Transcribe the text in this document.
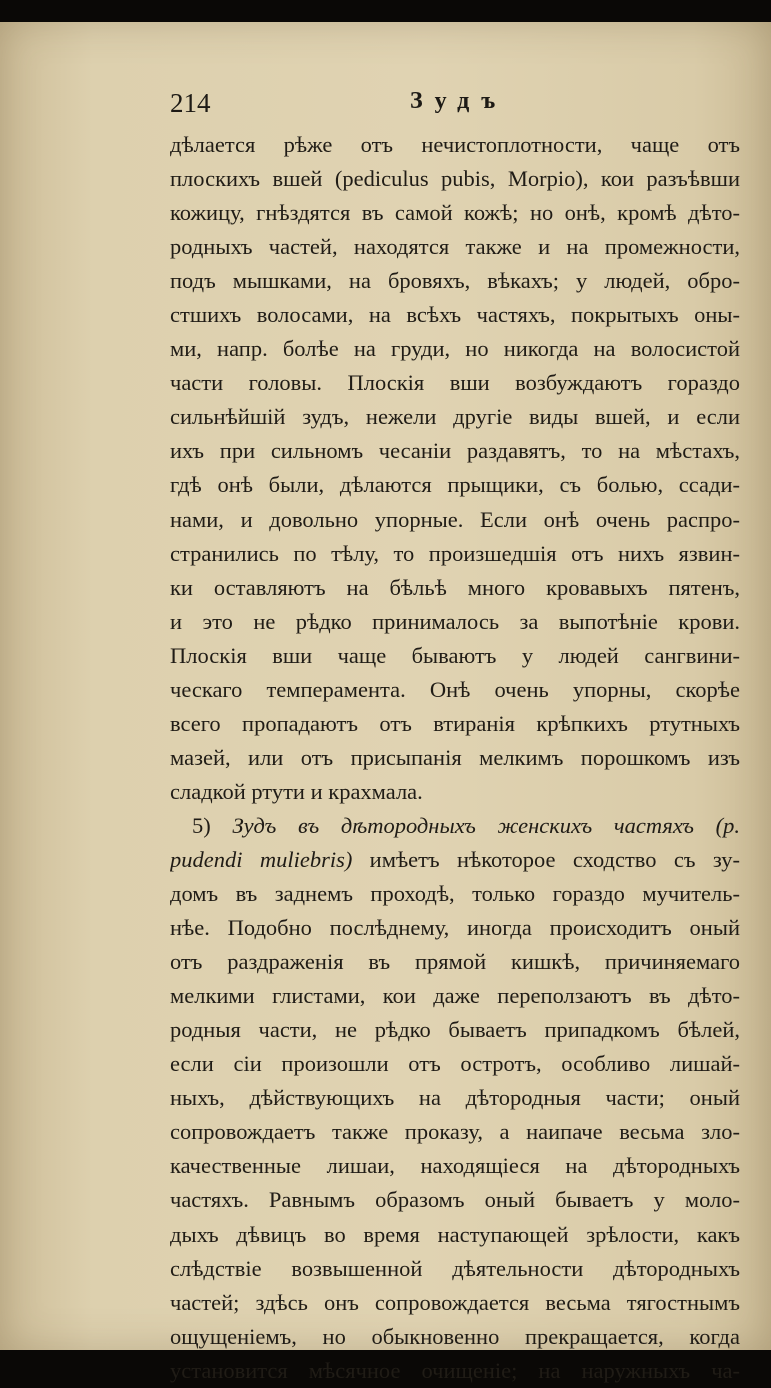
214	Зудъ
дѣлается рѣже отъ нечистоплотности, чаще отъ
плоскихъ вшей (pediculus pubis, Morpio), кои разъѣвши
кожицу, гнѣздятся въ самой кожѣ; но онѣ, кромѣ дѣто-
родныхъ частей, находятся также и на промежности,
подъ мышками, на бровяхъ, вѣкахъ; у людей, обро-
стшихъ волосами, на всѣхъ частяхъ, покрытыхъ оны-
ми, напр. болѣе на груди, но никогда на волосистой
части головы. Плоскія вши возбуждаютъ гораздо
сильнѣйшій зудъ, нежели другіе виды вшей, и если
ихъ при сильномъ чесаніи раздавятъ, то на мѣстахъ,
гдѣ онѣ были, дѣлаются прыщики, съ болью, ссади-
нами, и довольно упорные. Если онѣ очень распро-
странились по тѣлу, то произшедшія отъ нихъ язвин-
ки оставляютъ на бѣльѣ много кровавыхъ пятенъ,
и это не рѣдко принималось за выпотѣніе крови.
Плоскія вши чаще бываютъ у людей сангвини-
ческаго темперамента. Онѣ очень упорны, скорѣе
всего пропадаютъ отъ втиранія крѣпкихъ ртутныхъ
мазей, или отъ присыпанія мелкимъ порошкомъ изъ
сладкой ртути и крахмала.
5) Зудъ въ дѣтородныхъ женскихъ частяхъ (p.
pudendi muliebris) имѣетъ нѣкоторое сходство съ зу-
домъ въ заднемъ проходѣ, только гораздо мучитель-
нѣе. Подобно послѣднему, иногда происходитъ оный
отъ раздраженія въ прямой кишкѣ, причиняемаго
мелкими глистами, кои даже переползаютъ въ дѣто-
родныя части, не рѣдко бываетъ припадкомъ бѣлей,
если сіи произошли отъ остротъ, особливо лишай-
ныхъ, дѣйствующихъ на дѣтородныя части; оный
сопровождаетъ также проказу, а наипаче весьма зло-
качественные лишаи, находящіеся на дѣтородныхъ
частяхъ. Равнымъ образомъ оный бываетъ у моло-
дыхъ дѣвицъ во время наступающей зрѣлости, какъ
слѣдствіе возвышенной дѣятельности дѣтородныхъ
частей; здѣсь онъ сопровождается весьма тягостнымъ
ощущеніемъ, но обыкновенно прекращается, когда
установится мѣсячное очищеніе; на наружныхъ ча-
